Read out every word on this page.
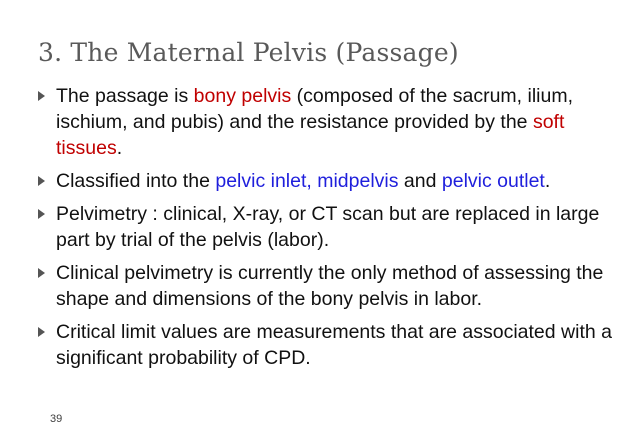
3. The Maternal Pelvis (Passage)
The passage is bony pelvis (composed of the sacrum, ilium, ischium, and pubis) and the resistance provided by the soft tissues.
Classified into the pelvic inlet, midpelvis and pelvic outlet.
Pelvimetry : clinical, X-ray, or CT scan but are replaced in large part by trial of the pelvis (labor).
Clinical pelvimetry is currently the only method of assessing the shape and dimensions of the bony pelvis in labor.
Critical limit values are measurements that are associated with a significant probability of CPD.
39
